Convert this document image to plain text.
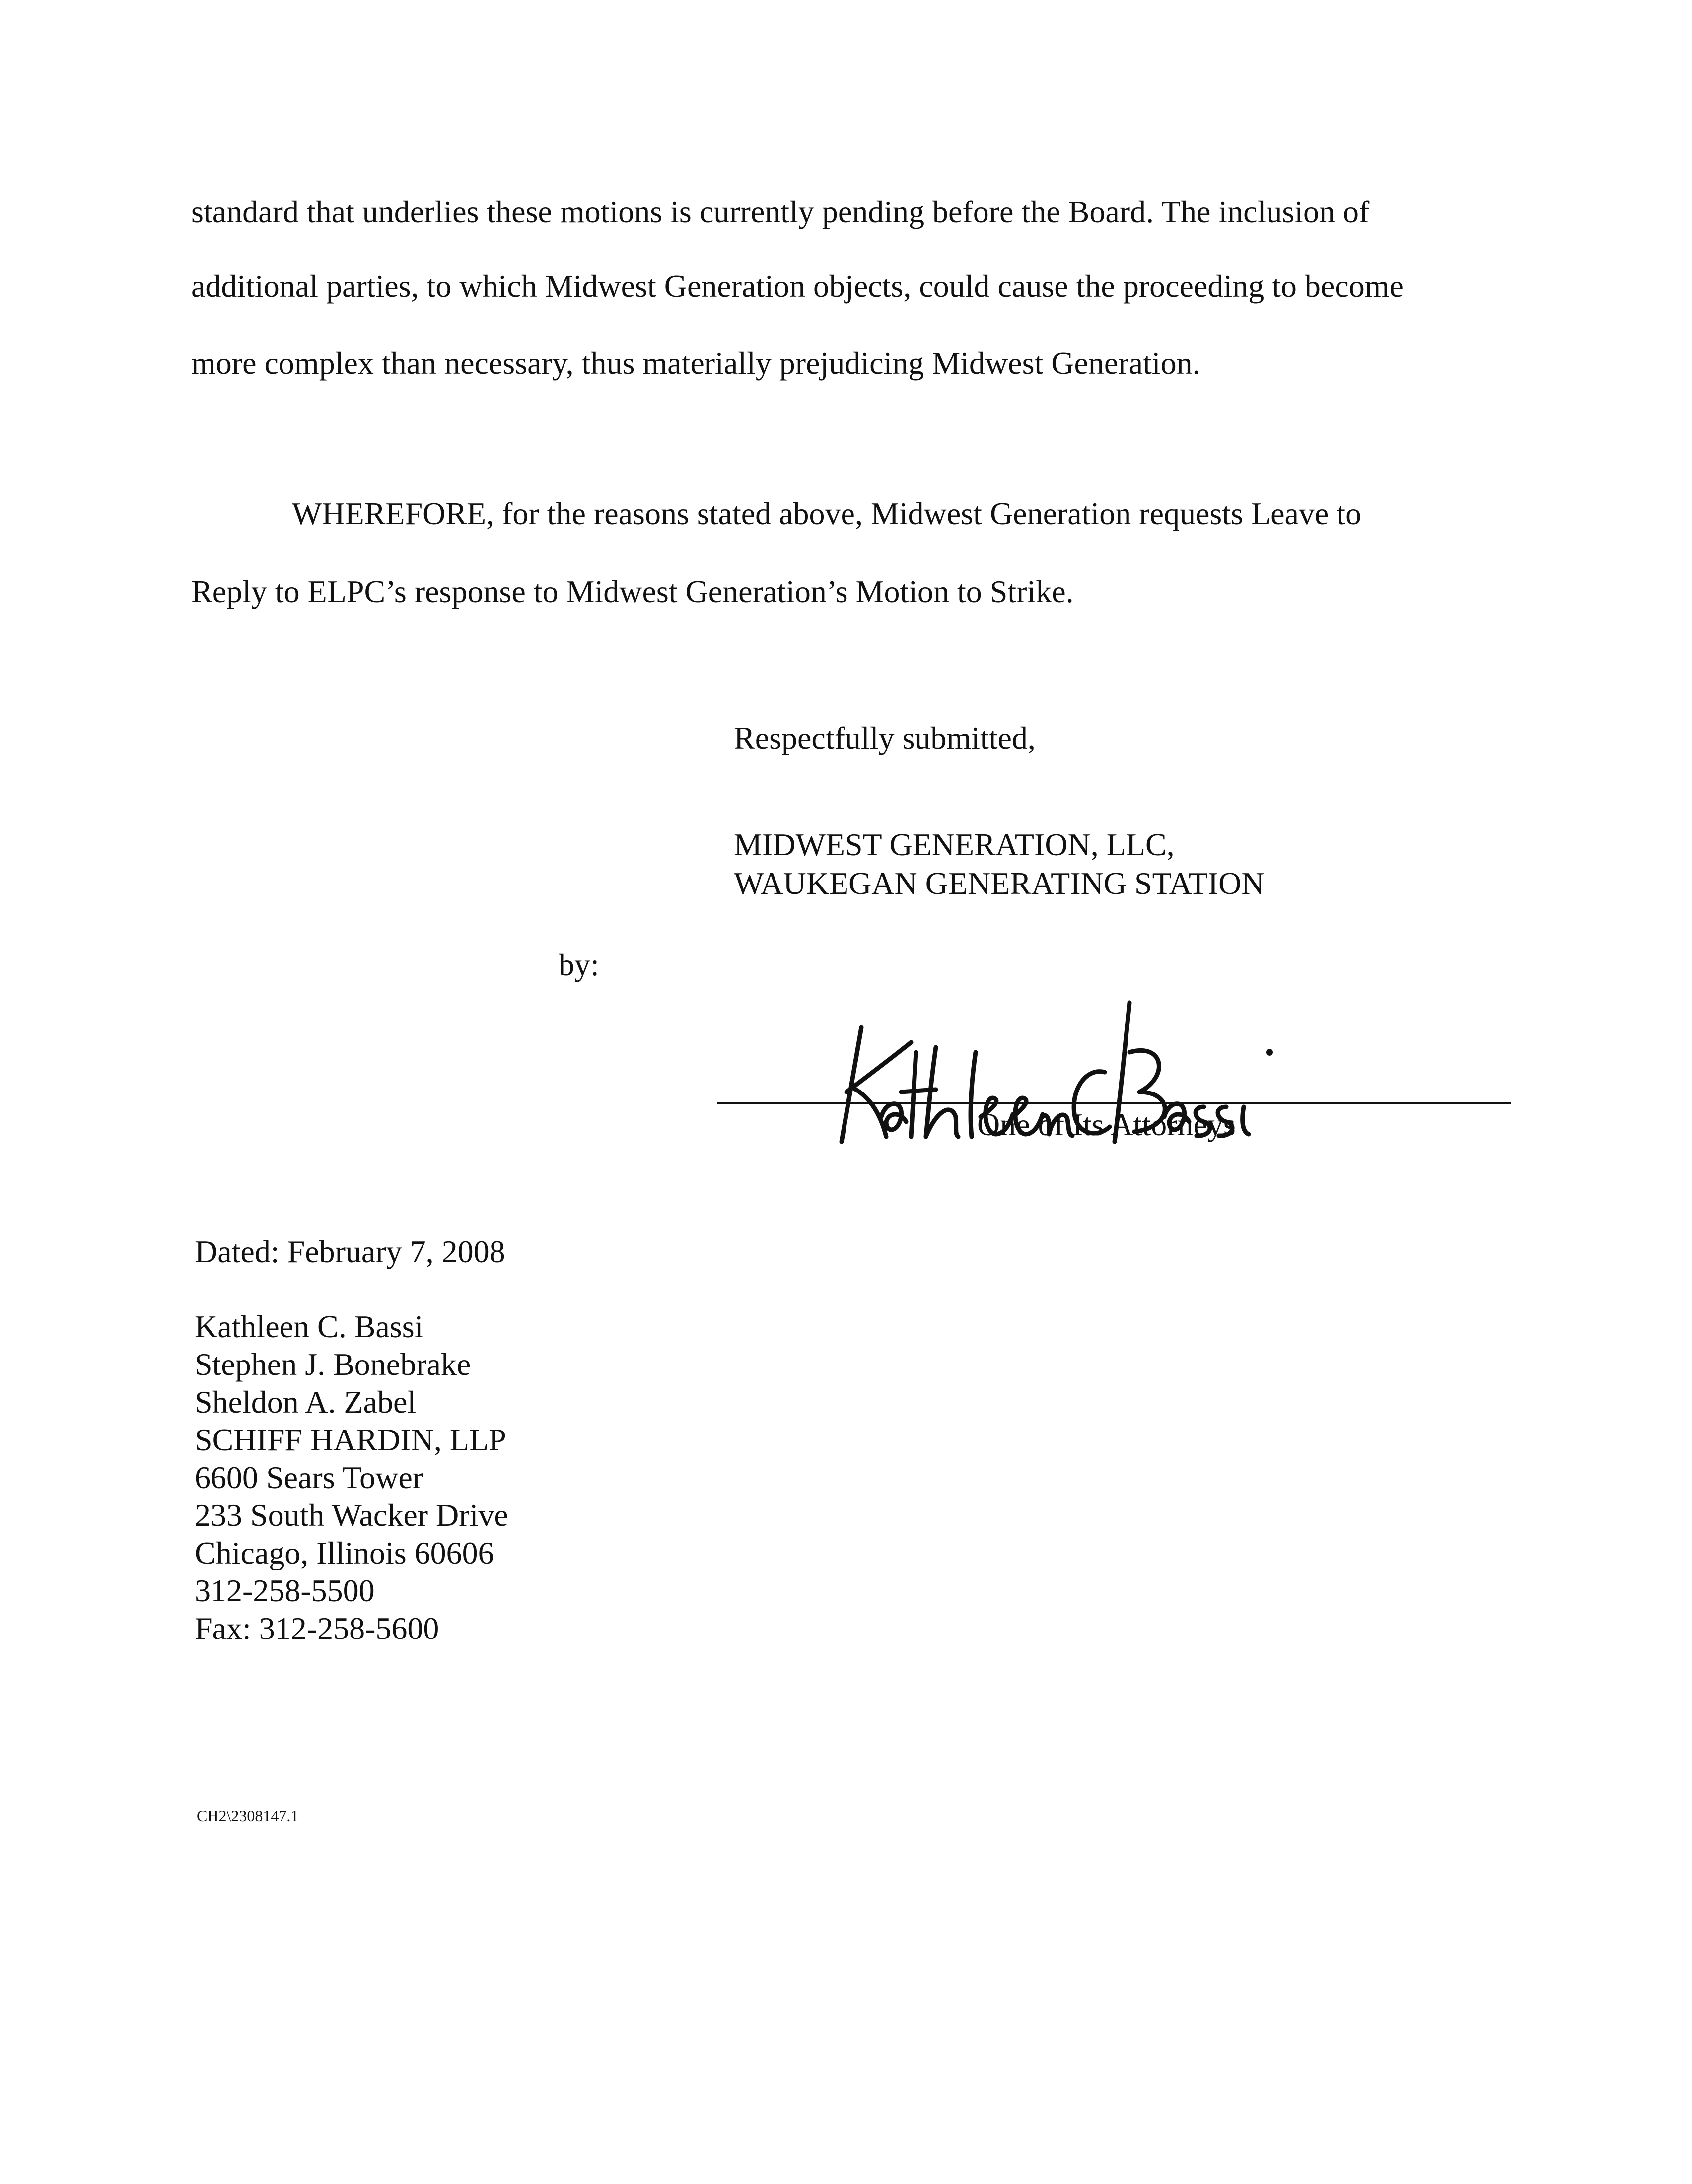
standard that underlies these motions is currently pending before the Board. The inclusion of
additional parties, to which Midwest Generation objects, could cause the proceeding to become
more complex than necessary, thus materially prejudicing Midwest Generation.
WHEREFORE, for the reasons stated above, Midwest Generation requests Leave to
Reply to ELPC’s response to Midwest Generation’s Motion to Strike.
Respectfully submitted,
MIDWEST GENERATION, LLC,
WAUKEGAN GENERATING STATION
by:
One of Its Attorneys
Dated: February 7, 2008
Kathleen C. Bassi
Stephen J. Bonebrake
Sheldon A. Zabel
SCHIFF HARDIN, LLP
6600 Sears Tower
233 South Wacker Drive
Chicago, Illinois 60606
312-258-5500
Fax: 312-258-5600
CH2\2308147.1
